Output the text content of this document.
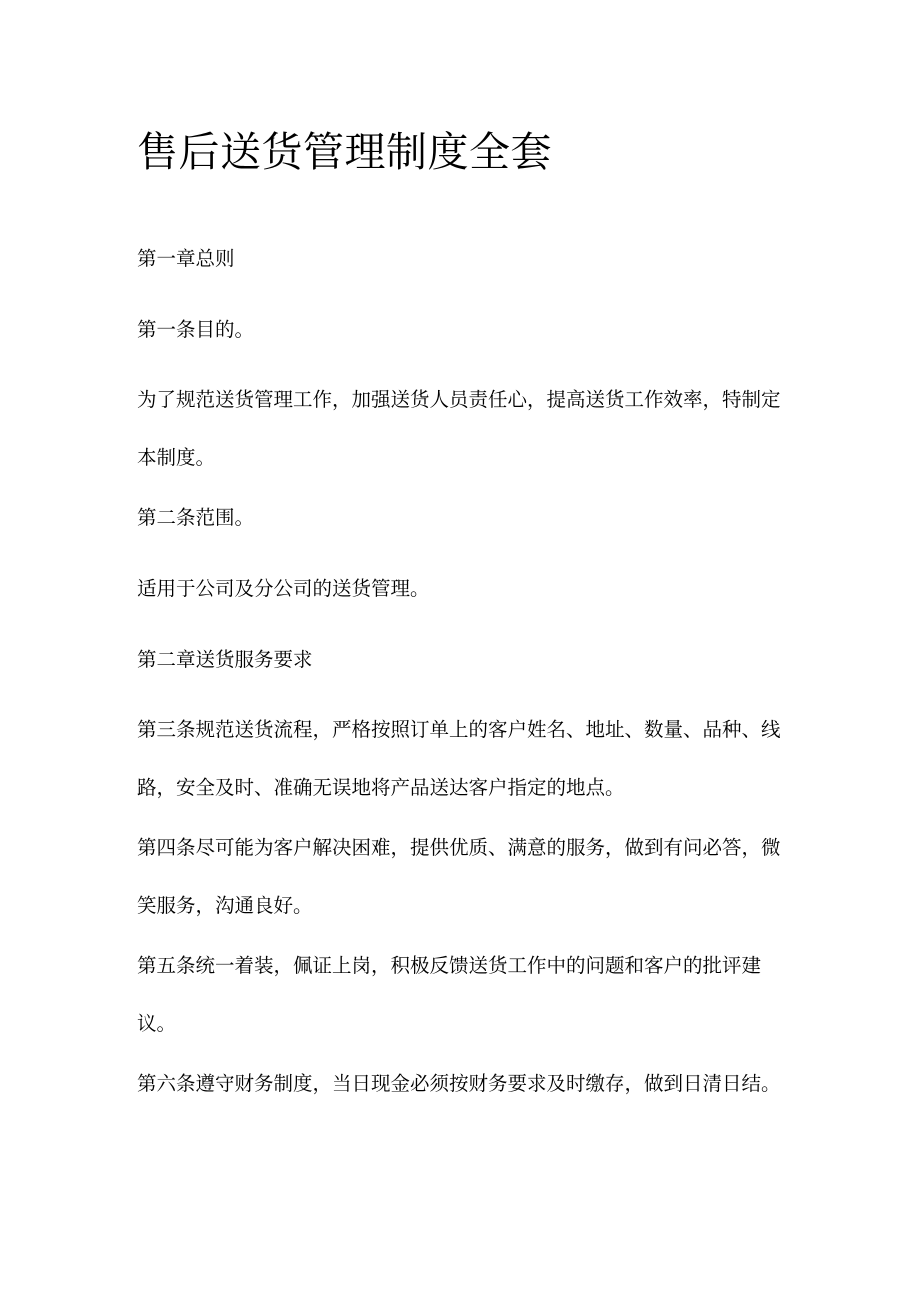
售后送货管理制度全套

第一章总则

第一条目的。

为了规范送货管理工作，加强送货人员责任心，提高送货工作效率，特制定本制度。

第二条范围。

适用于公司及分公司的送货管理。

第二章送货服务要求

第三条规范送货流程，严格按照订单上的客户姓名、地址、数量、品种、线路，安全及时、准确无误地将产品送达客户指定的地点。

第四条尽可能为客户解决困难，提供优质、满意的服务，做到有问必答，微笑服务，沟通良好。

第五条统一着装，佩证上岗，积极反馈送货工作中的问题和客户的批评建议。

第六条遵守财务制度，当日现金必须按财务要求及时缴存，做到日清日结。
